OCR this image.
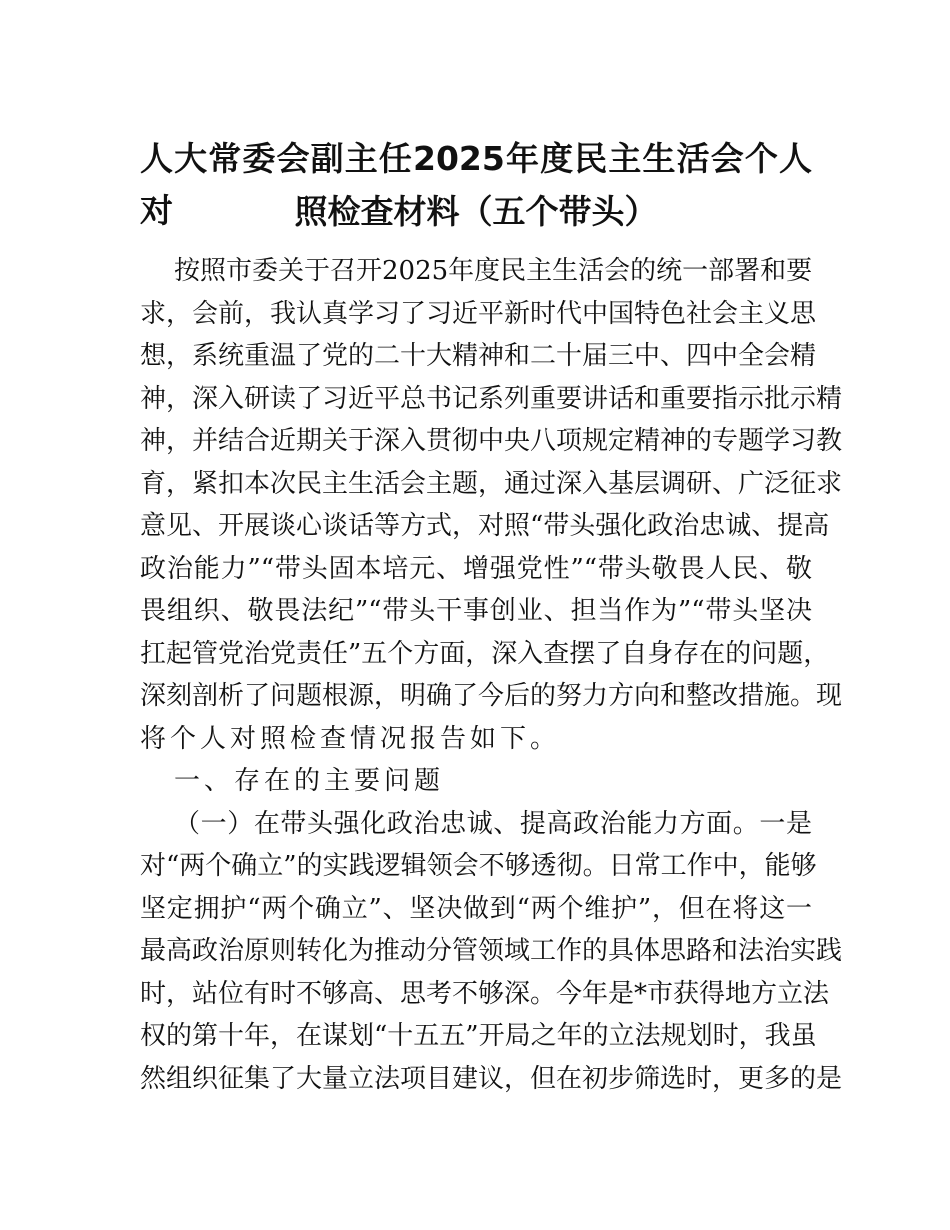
人大常委会副主任2025年度民主生活会个人对	照检查材料（五个带头）
按照市委关于召开2025年度民主生活会的统一部署和要
求，会前，我认真学习了习近平新时代中国特色社会主义思
想，系统重温了党的二十大精神和二十届三中、四中全会精
神，深入研读了习近平总书记系列重要讲话和重要指示批示精
神，并结合近期关于深入贯彻中央八项规定精神的专题学习教
育，紧扣本次民主生活会主题，通过深入基层调研、广泛征求
意见、开展谈心谈话等方式，对照“带头强化政治忠诚、提高
政治能力”“带头固本培元、增强党性”“带头敬畏人民、敬
畏组织、敬畏法纪”“带头干事创业、担当作为”“带头坚决
扛起管党治党责任”五个方面，深入查摆了自身存在的问题，
深刻剖析了问题根源，明确了今后的努力方向和整改措施。现
将个人对照检查情况报告如下。
一、存在的主要问题
（一）在带头强化政治忠诚、提高政治能力方面。一是
对“两个确立”的实践逻辑领会不够透彻。日常工作中，能够
坚定拥护“两个确立”、坚决做到“两个维护”，但在将这一
最高政治原则转化为推动分管领域工作的具体思路和法治实践
时，站位有时不够高、思考不够深。今年是*市获得地方立法
权的第十年，在谋划“十五五”开局之年的立法规划时，我虽
然组织征集了大量立法项目建议，但在初步筛选时，更多的是
